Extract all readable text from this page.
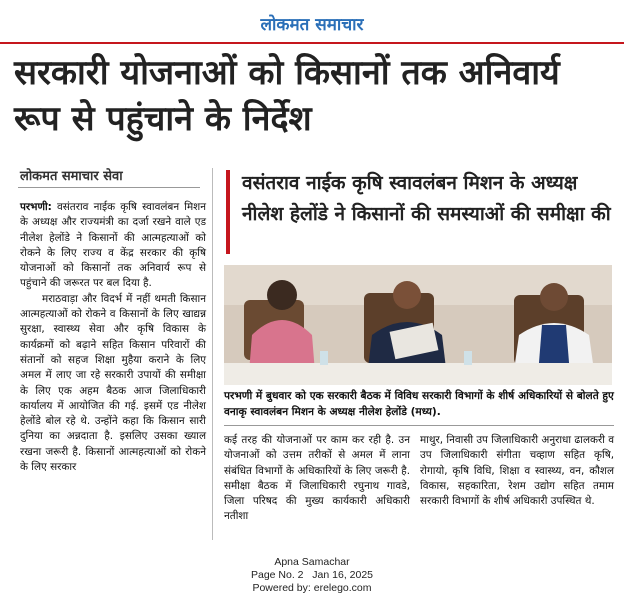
लोकमत समाचार
सरकारी योजनाओं को किसानों तक अनिवार्य रूप से पहुंचाने के निर्देश
लोकमत समाचार सेवा

परभणी: वसंतराव नाईक कृषि स्वावलंबन मिशन के अध्यक्ष और राज्यमंत्री का दर्जा रखने वाले एड नीलेश हेलोंडे ने किसानों की आत्महत्याओं को रोकने के लिए राज्य व केंद्र सरकार की कृषि योजनाओं को किसानों तक अनिवार्य रूप से पहुंचाने की जरूरत पर बल दिया है.

मराठवाड़ा और विदर्भ में नहीं थमती किसान आत्महत्याओं को रोकने व किसानों के लिए खाद्यन्न सुरक्षा, स्वास्थ्य सेवा और कृषि विकास के कार्यक्रमों को बढ़ाने सहित किसान परिवारों की संतानों को सहज शिक्षा मुहैया कराने के लिए अमल में लाए जा रहे सरकारी उपायों की समीक्षा के लिए एक अहम बैठक आज जिलाधिकारी कार्यालय में आयोजित की गई. इसमें एड नीलेश हेलोंडे बोल रहे थे. उन्होंने कहा कि किसान सारी दुनिया का अन्नदाता है. इसलिए उसका ख्याल रखना जरूरी है. किसानों आत्महत्याओं को रोकने के लिए सरकार

वसंतराव नाईक कृषि स्वावलंबन मिशन के अध्यक्ष नीलेश हेलोंडे ने किसानों की समस्याओं की समीक्षा की
परभणी में बुधवार को एक सरकारी बैठक में विविध सरकारी विभागों के शीर्ष अधिकारियों से बोलते हुए वनाकृ स्वावलंबन मिशन के अध्यक्ष नीलेश हेलोंडे (मध्य).

कई तरह की योजनाओं पर काम कर रही है. उन योजनाओं को उत्तम तरीकों से अमल में लाना संबंधित विभागों के अधिकारियों के लिए जरूरी है. समीक्षा बैठक में जिलाधिकारी रघुनाथ गावडे, जिला परिषद की मुख्य कार्यकारी अधिकारी नतीशा

माथुर, निवासी उप जिलाधिकारी अनुराधा ढालकरी व उप जिलाधिकारी संगीता चव्हाण सहित कृषि, रोगायो, कृषि विधि, शिक्षा व स्वास्थ्य, वन, कौशल विकास, सहकारिता, रेशम उद्योग सहित तमाम सरकारी विभागों के शीर्ष अधिकारी उपस्थित थे.

Apna Samachar
Page No. 2 Jan 16, 2025
Powered by: erelego.com
